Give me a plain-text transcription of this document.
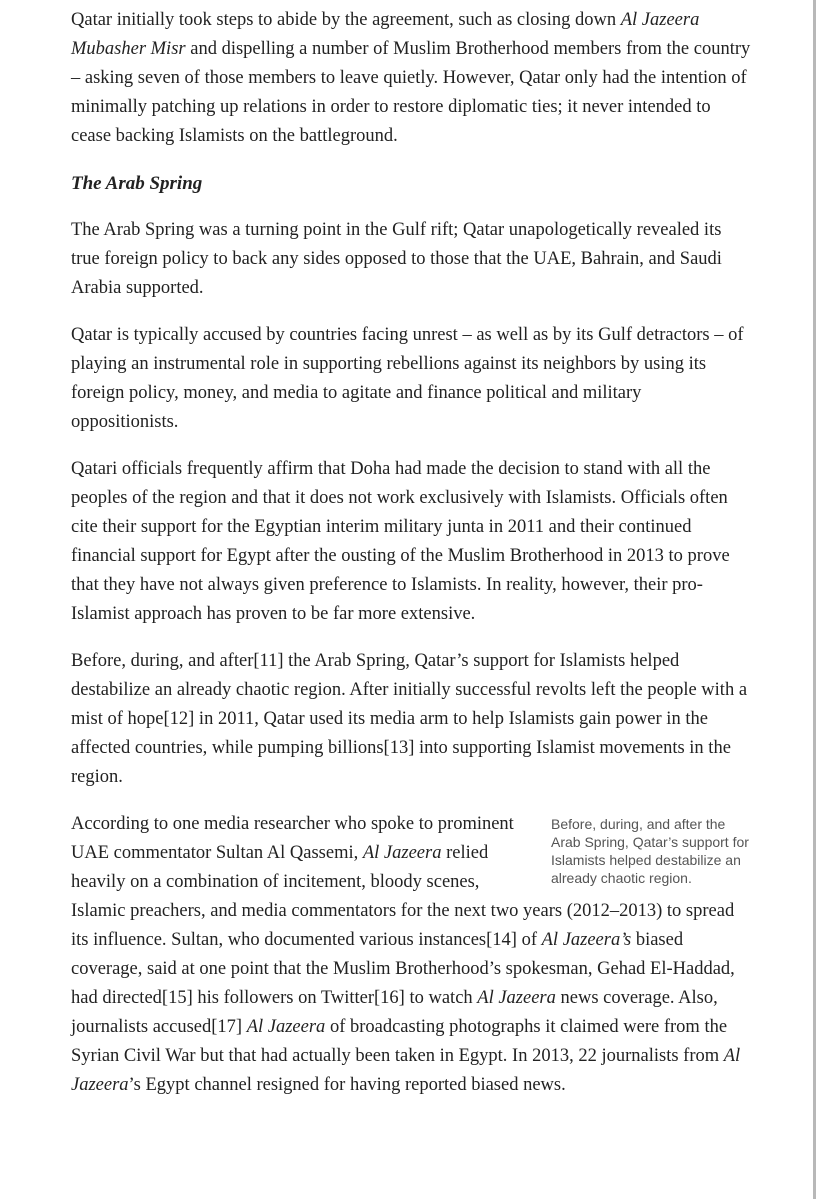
Qatar initially took steps to abide by the agreement, such as closing down Al Jazeera Mubasher Misr and dispelling a number of Muslim Brotherhood members from the country – asking seven of those members to leave quietly. However, Qatar only had the intention of minimally patching up relations in order to restore diplomatic ties; it never intended to cease backing Islamists on the battleground.

The Arab Spring

The Arab Spring was a turning point in the Gulf rift; Qatar unapologetically revealed its true foreign policy to back any sides opposed to those that the UAE, Bahrain, and Saudi Arabia supported.

Qatar is typically accused by countries facing unrest – as well as by its Gulf detractors – of playing an instrumental role in supporting rebellions against its neighbors by using its foreign policy, money, and media to agitate and finance political and military oppositionists.

Qatari officials frequently affirm that Doha had made the decision to stand with all the peoples of the region and that it does not work exclusively with Islamists. Officials often cite their support for the Egyptian interim military junta in 2011 and their continued financial support for Egypt after the ousting of the Muslim Brotherhood in 2013 to prove that they have not always given preference to Islamists. In reality, however, their pro-Islamist approach has proven to be far more extensive.

Before, during, and after[11] the Arab Spring, Qatar’s support for Islamists helped destabilize an already chaotic region. After initially successful revolts left the people with a mist of hope[12] in 2011, Qatar used its media arm to help Islamists gain power in the affected countries, while pumping billions[13] into supporting Islamist movements in the region.

Before, during, and after the Arab Spring, Qatar’s support for Islamists helped destabilize an already chaotic region.
According to one media researcher who spoke to prominent UAE commentator Sultan Al Qassemi, Al Jazeera relied heavily on a combination of incitement, bloody scenes, Islamic preachers, and media commentators for the next two years (2012–2013) to spread its influence. Sultan, who documented various instances[14] of Al Jazeera’s biased coverage, said at one point that the Muslim Brotherhood’s spokesman, Gehad El-Haddad, had directed[15] his followers on Twitter[16] to watch Al Jazeera news coverage. Also, journalists accused[17] Al Jazeera of broadcasting photographs it claimed were from the Syrian Civil War but that had actually been taken in Egypt. In 2013, 22 journalists from Al Jazeera’s Egypt channel resigned for having reported biased news.
